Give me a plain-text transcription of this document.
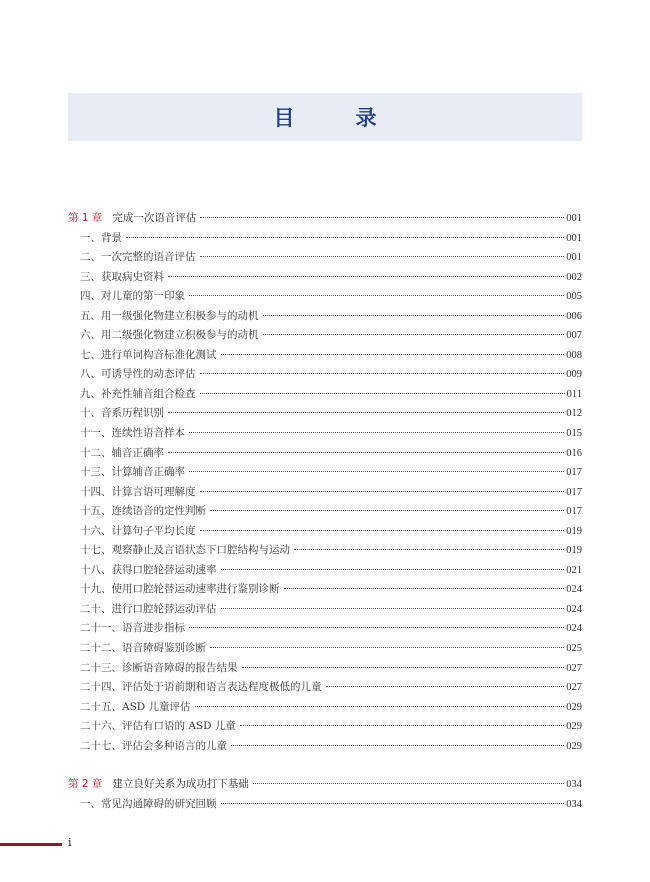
目　录
第 1 章 完成一次语音评估	001
一、背景	001
二、一次完整的语音评估	001
三、获取病史资料	002
四、对儿童的第一印象	005
五、用一级强化物建立积极参与的动机	006
六、用二级强化物建立积极参与的动机	007
七、进行单词构音标准化测试	008
八、可诱导性的动态评估	009
九、补充性辅音组合检查	011
十、音系历程识别	012
十一、连续性语音样本	015
十二、辅音正确率	016
十三、计算辅音正确率	017
十四、计算言语可理解度	017
十五、连续语音的定性判断	017
十六、计算句子平均长度	019
十七、观察静止及言语状态下口腔结构与运动	019
十八、获得口腔轮替运动速率	021
十九、使用口腔轮替运动速率进行鉴别诊断	024
二十、进行口腔轮替运动评估	024
二十一、语音进步指标	024
二十二、语音障碍鉴别诊断	025
二十三、诊断语音障碍的报告结果	027
二十四、评估处于语前期和语言表达程度极低的儿童	027
二十五、ASD 儿童评估	029
二十六、评估有口语的 ASD 儿童	029
二十七、评估会多种语言的儿童	029
第 2 章 建立良好关系为成功打下基础	034
一、常见沟通障碍的研究回顾	034
i
